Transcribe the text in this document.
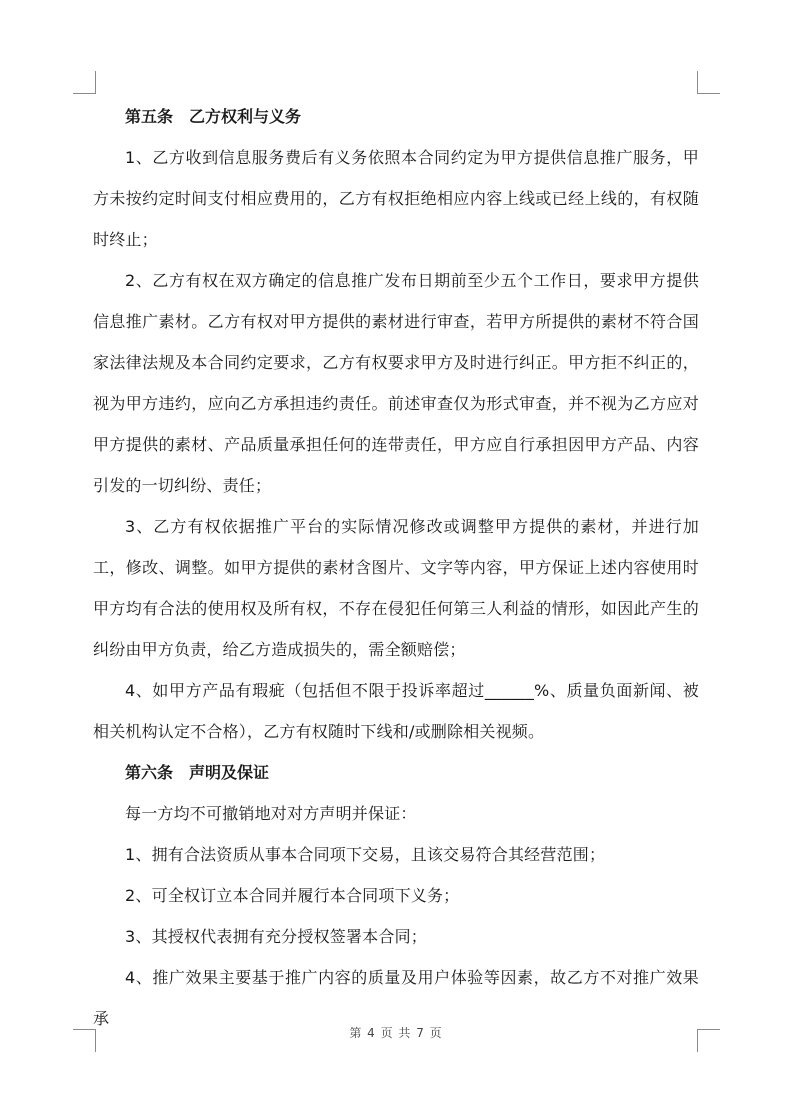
第五条　乙方权利与义务

1、乙方收到信息服务费后有义务依照本合同约定为甲方提供信息推广服务，甲方未按约定时间支付相应费用的，乙方有权拒绝相应内容上线或已经上线的，有权随时终止；

2、乙方有权在双方确定的信息推广发布日期前至少五个工作日，要求甲方提供信息推广素材。乙方有权对甲方提供的素材进行审查，若甲方所提供的素材不符合国家法律法规及本合同约定要求，乙方有权要求甲方及时进行纠正。甲方拒不纠正的，视为甲方违约，应向乙方承担违约责任。前述审查仅为形式审查，并不视为乙方应对甲方提供的素材、产品质量承担任何的连带责任，甲方应自行承担因甲方产品、内容引发的一切纠纷、责任；

3、乙方有权依据推广平台的实际情况修改或调整甲方提供的素材，并进行加工，修改、调整。如甲方提供的素材含图片、文字等内容，甲方保证上述内容使用时甲方均有合法的使用权及所有权，不存在侵犯任何第三人利益的情形，如因此产生的纠纷由甲方负责，给乙方造成损失的，需全额赔偿；

4、如甲方产品有瑕疵（包括但不限于投诉率超过______%、质量负面新闻、被相关机构认定不合格），乙方有权随时下线和/或删除相关视频。

第六条　声明及保证

每一方均不可撤销地对对方声明并保证：

1、拥有合法资质从事本合同项下交易，且该交易符合其经营范围；

2、可全权订立本合同并履行本合同项下义务；

3、其授权代表拥有充分授权签署本合同；

4、推广效果主要基于推广内容的质量及用户体验等因素，故乙方不对推广效果承

第 4 页 共 7 页
